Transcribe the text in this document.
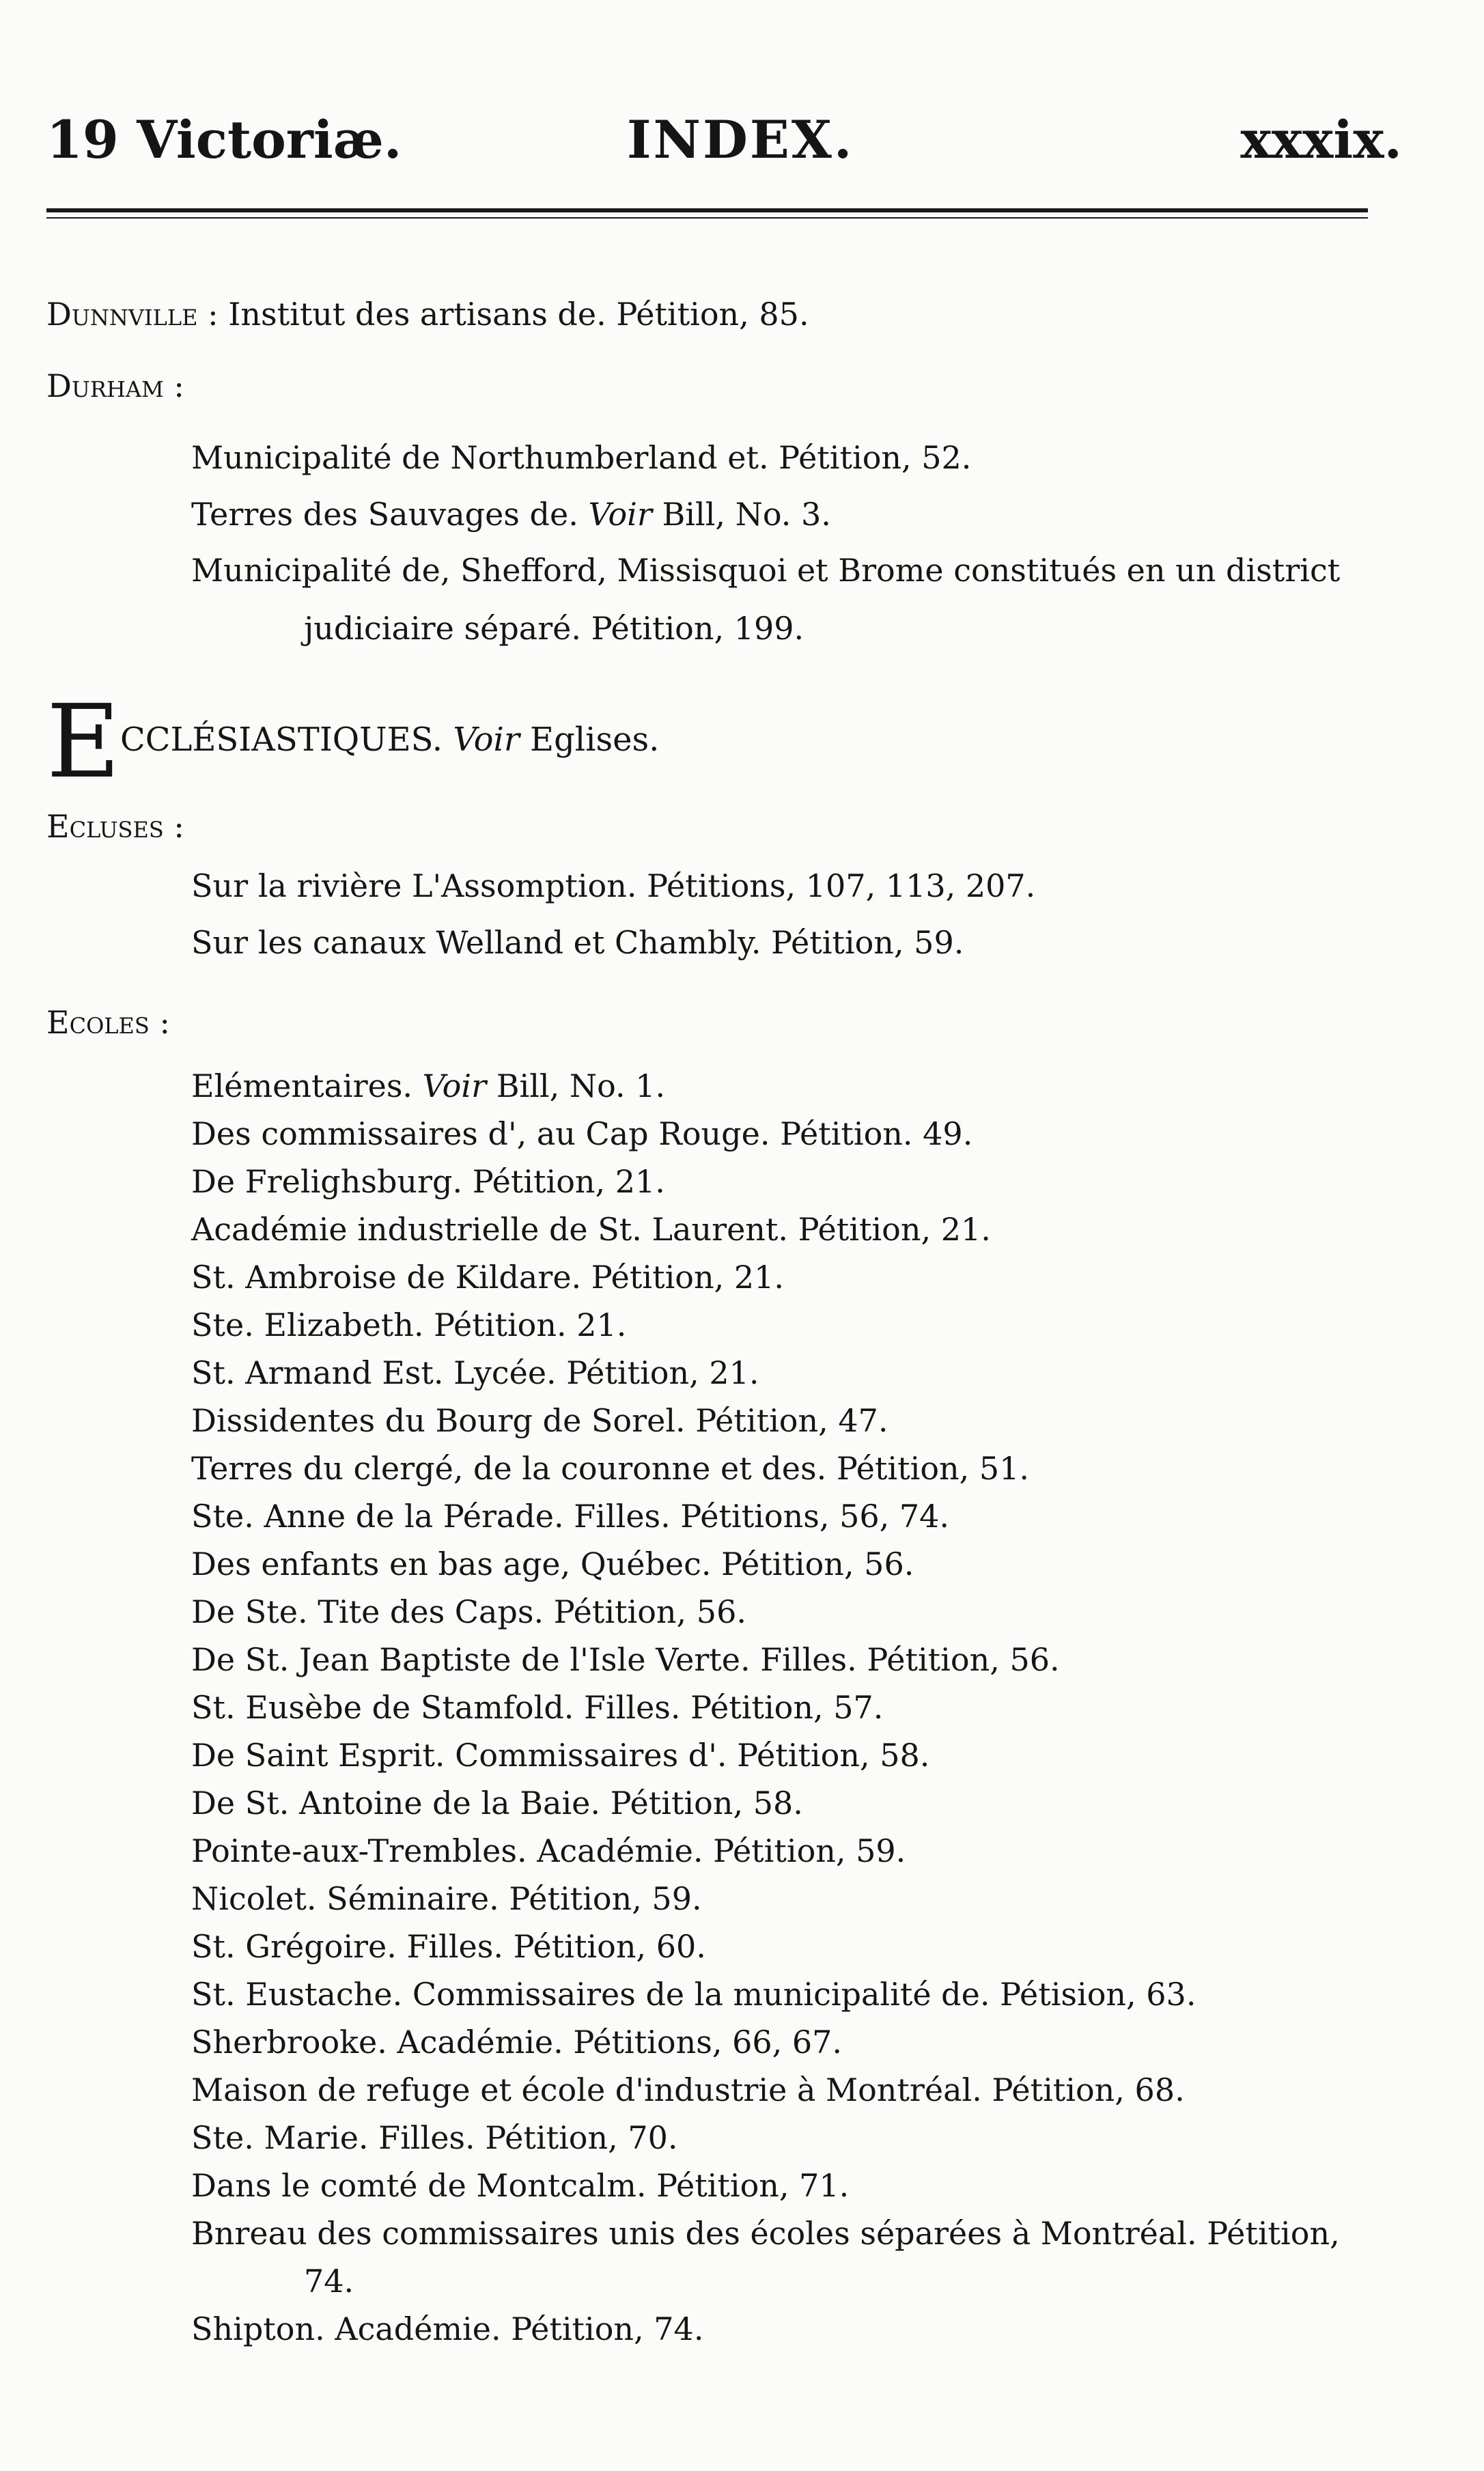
19 Victoriæ.	INDEX.	xxxix.
Dunnville : Institut des artisans de. Pétition, 85.
Durham :
Municipalité de Northumberland et. Pétition, 52.
Terres des Sauvages de. Voir Bill, No. 3.
Municipalité de, Shefford, Missisquoi et Brome constitués en un district
judiciaire séparé. Pétition, 199.
ECCLÉSIASTIQUES. Voir Eglises.
Ecluses :
Sur la rivière L'Assomption. Pétitions, 107, 113, 207.
Sur les canaux Welland et Chambly. Pétition, 59.
Ecoles :
Elémentaires. Voir Bill, No. 1.
Des commissaires d', au Cap Rouge. Pétition. 49.
De Frelighsburg. Pétition, 21.
Académie industrielle de St. Laurent. Pétition, 21.
St. Ambroise de Kildare. Pétition, 21.
Ste. Elizabeth. Pétition. 21.
St. Armand Est. Lycée. Pétition, 21.
Dissidentes du Bourg de Sorel. Pétition, 47.
Terres du clergé, de la couronne et des. Pétition, 51.
Ste. Anne de la Pérade. Filles. Pétitions, 56, 74.
Des enfants en bas age, Québec. Pétition, 56.
De Ste. Tite des Caps. Pétition, 56.
De St. Jean Baptiste de l'Isle Verte. Filles. Pétition, 56.
St. Eusèbe de Stamfold. Filles. Pétition, 57.
De Saint Esprit. Commissaires d'. Pétition, 58.
De St. Antoine de la Baie. Pétition, 58.
Pointe-aux-Trembles. Académie. Pétition, 59.
Nicolet. Séminaire. Pétition, 59.
St. Grégoire. Filles. Pétition, 60.
St. Eustache. Commissaires de la municipalité de. Pétision, 63.
Sherbrooke. Académie. Pétitions, 66, 67.
Maison de refuge et école d'industrie à Montréal. Pétition, 68.
Ste. Marie. Filles. Pétition, 70.
Dans le comté de Montcalm. Pétition, 71.
Bnreau des commissaires unis des écoles séparées à Montréal. Pétition,
74.
Shipton. Académie. Pétition, 74.
